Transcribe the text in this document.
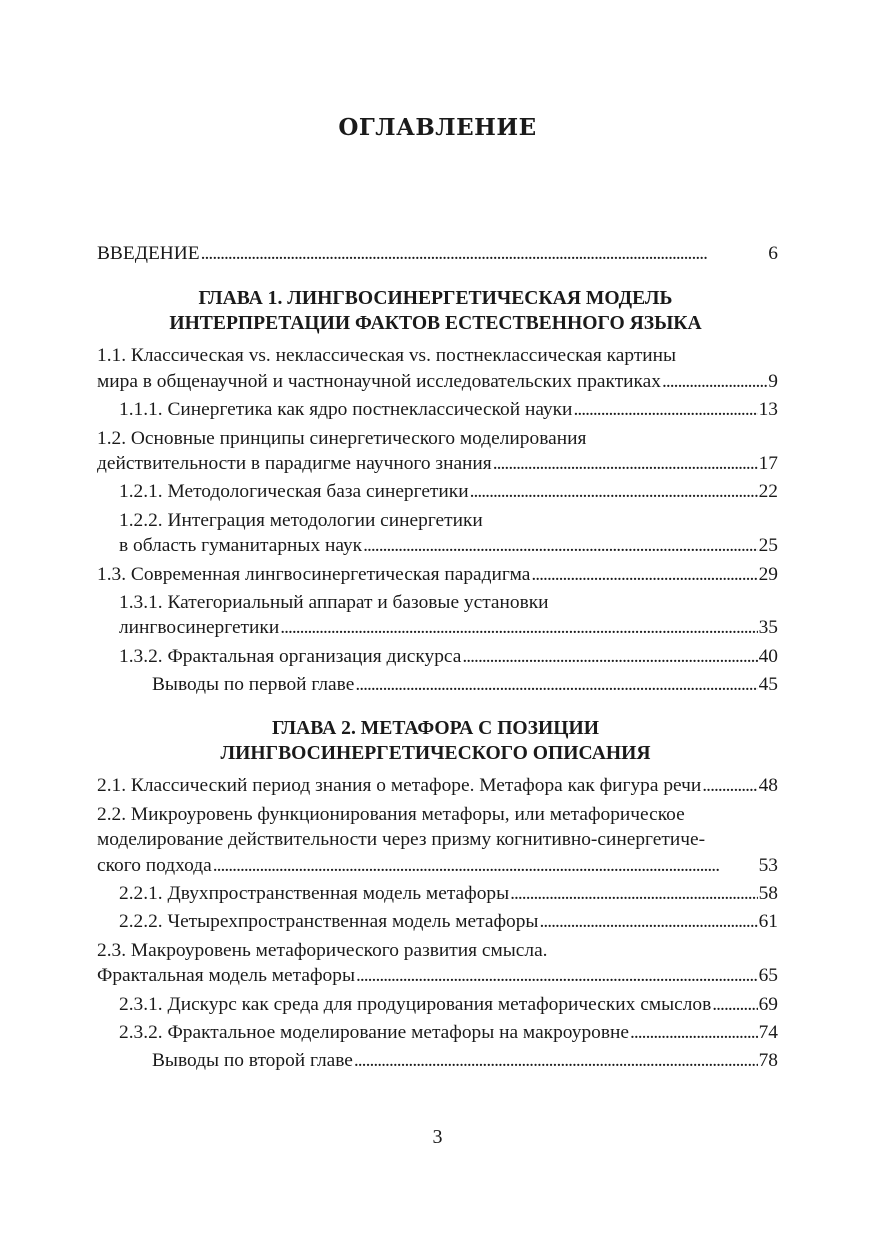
ОГЛАВЛЕНИЕ
ВВЕДЕНИЕ
. . .	6
ГЛАВА 1. ЛИНГВОСИНЕРГЕТИЧЕСКАЯ МОДЕЛЬ
ИНТЕРПРЕТАЦИИ ФАКТОВ ЕСТЕСТВЕННОГО ЯЗЫКА
1.1. Классическая vs. неклассическая vs. постнеклассическая картины
мира в общенаучной и частнонаучной исследовательских практиках
. . .	9
1.1.1. Синергетика как ядро постнеклассической науки
. . .	13
1.2. Основные принципы синергетического моделирования
действительности в парадигме научного знания
. . .	17
1.2.1. Методологическая база синергетики
. . .	22
1.2.2. Интеграция методологии синергетики
в область гуманитарных наук
. . .	25
1.3. Современная лингвосинергетическая парадигма
. . .	29
1.3.1. Категориальный аппарат и базовые установки
лингвосинергетики
. . .	35
1.3.2. Фрактальная организация дискурса
. . .	40
Выводы по первой главе
. . .	45
ГЛАВА 2. МЕТАФОРА С ПОЗИЦИИ
ЛИНГВОСИНЕРГЕТИЧЕСКОГО ОПИСАНИЯ
2.1. Классический период знания о метафоре. Метафора как фигура речи
. . .	48
2.2. Микроуровень функционирования метафоры, или метафорическое
моделирование действительности через призму когнитивно-синергетиче-
ского подхода
. . .	53
2.2.1. Двухпространственная модель метафоры
. . .	58
2.2.2. Четырехпространственная модель метафоры
. . .	61
2.3. Макроуровень метафорического развития смысла.
Фрактальная модель метафоры
. . .	65
2.3.1. Дискурс как среда для продуцирования метафорических смыслов
. . . 69
2.3.2. Фрактальное моделирование метафоры на макроуровне
. . .	74
Выводы по второй главе
. . .	78
3
